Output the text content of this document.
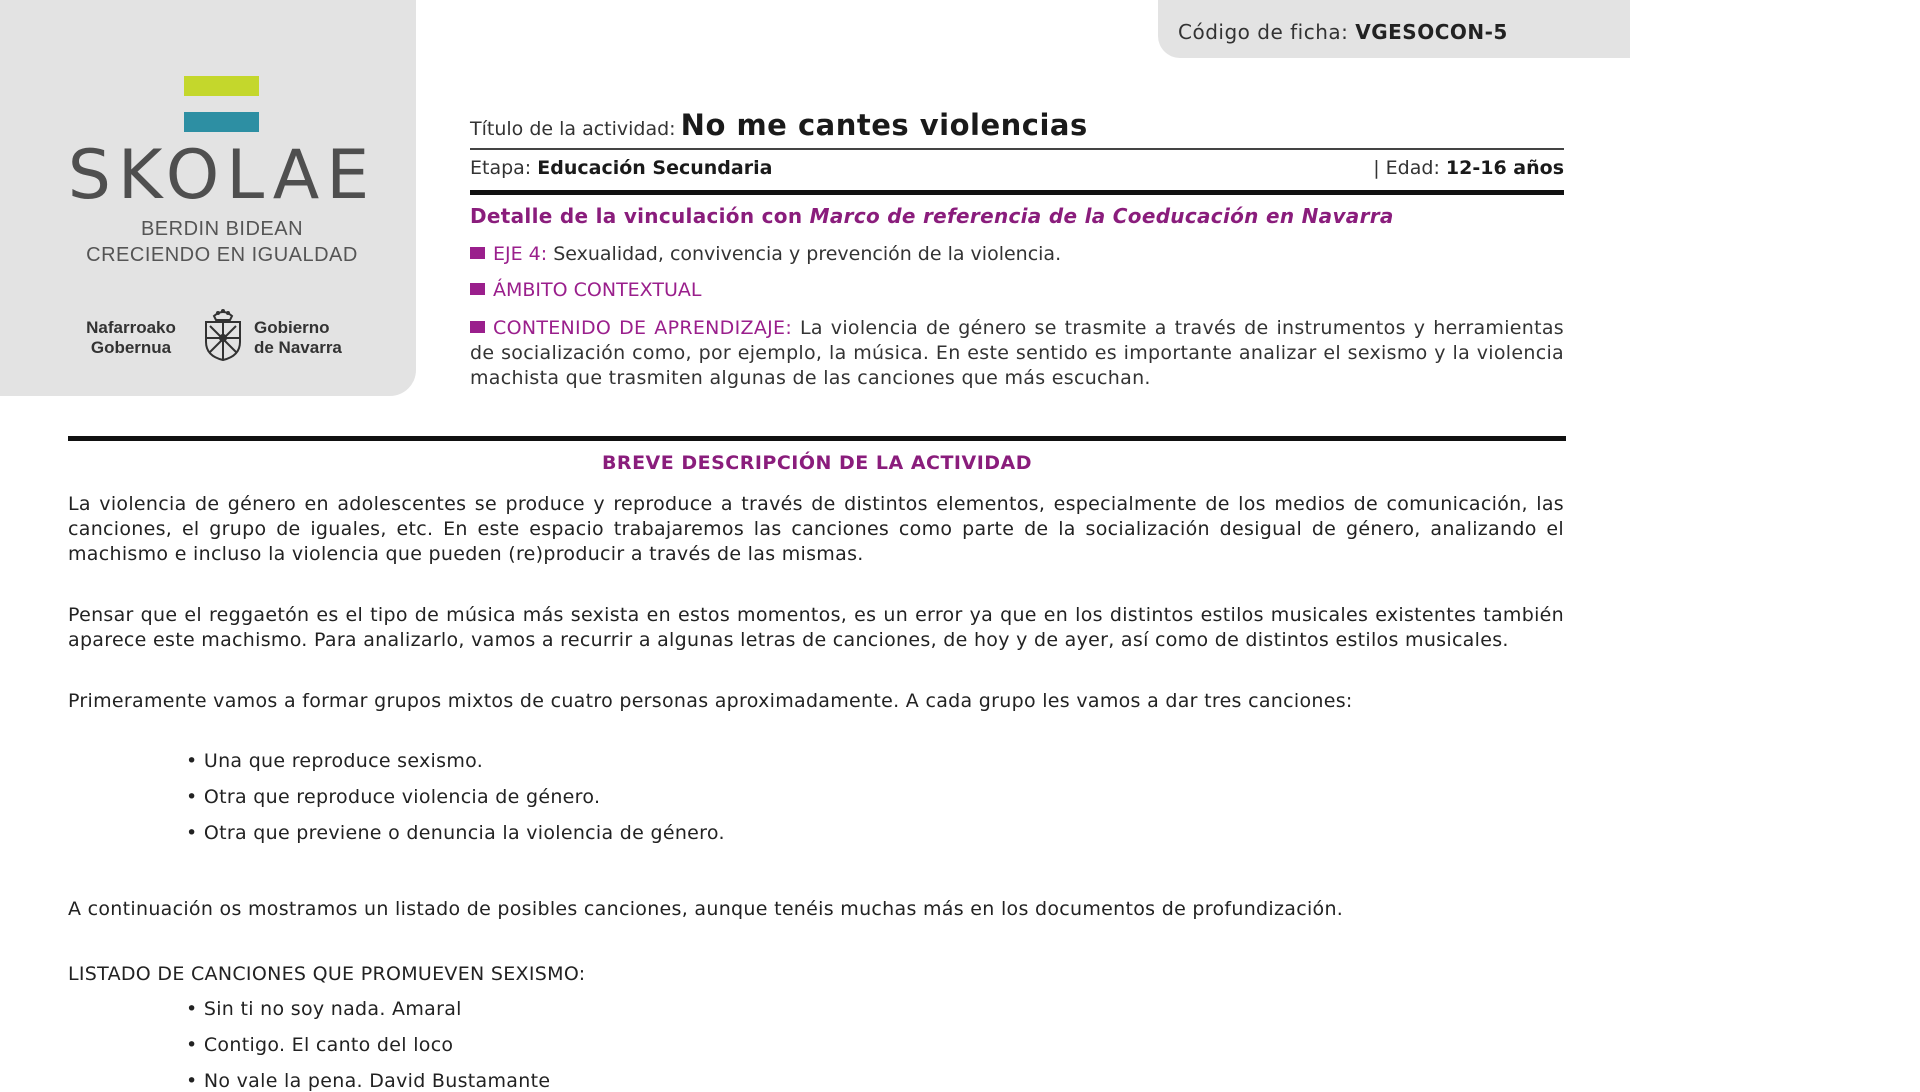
SKOLAE
BERDIN BIDEAN
CRECIENDO EN IGUALDAD
Nafarroako
Gobernua
Gobierno
de Navarra
Código de ficha: VGESOCON-5
Título de la actividad: No me cantes violencias
Etapa: Educación Secundaria	| Edad: 12-16 años
Detalle de la vinculación con Marco de referencia de la Coeducación en Navarra
EJE 4: Sexualidad, convivencia y prevención de la violencia.
ÁMBITO CONTEXTUAL
CONTENIDO DE APRENDIZAJE: La violencia de género se trasmite a través de instrumentos y herramientas de socialización como, por ejemplo, la música. En este sentido es importante analizar el sexismo y la violencia machista que trasmiten algunas de las canciones que más escuchan.
BREVE DESCRIPCIÓN DE LA ACTIVIDAD

La violencia de género en adolescentes se produce y reproduce a través de distintos elementos, especialmente de los medios de comunicación, las canciones, el grupo de iguales, etc. En este espacio trabajaremos las canciones como parte de la socialización desigual de género, analizando el machismo e incluso la violencia que pueden (re)producir a través de las mismas.

Pensar que el reggaetón es el tipo de música más sexista en estos momentos, es un error ya que en los distintos estilos musicales existentes también aparece este machismo. Para analizarlo, vamos a recurrir a algunas letras de canciones, de hoy y de ayer, así como de distintos estilos musicales.

Primeramente vamos a formar grupos mixtos de cuatro personas aproximadamente. A cada grupo les vamos a dar tres canciones:

• Una que reproduce sexismo.
• Otra que reproduce violencia de género.
• Otra que previene o denuncia la violencia de género.

A continuación os mostramos un listado de posibles canciones, aunque tenéis muchas más en los documentos de profundización.

LISTADO DE CANCIONES QUE PROMUEVEN SEXISMO:

• Sin ti no soy nada. Amaral
• Contigo. El canto del loco
• No vale la pena. David Bustamante
